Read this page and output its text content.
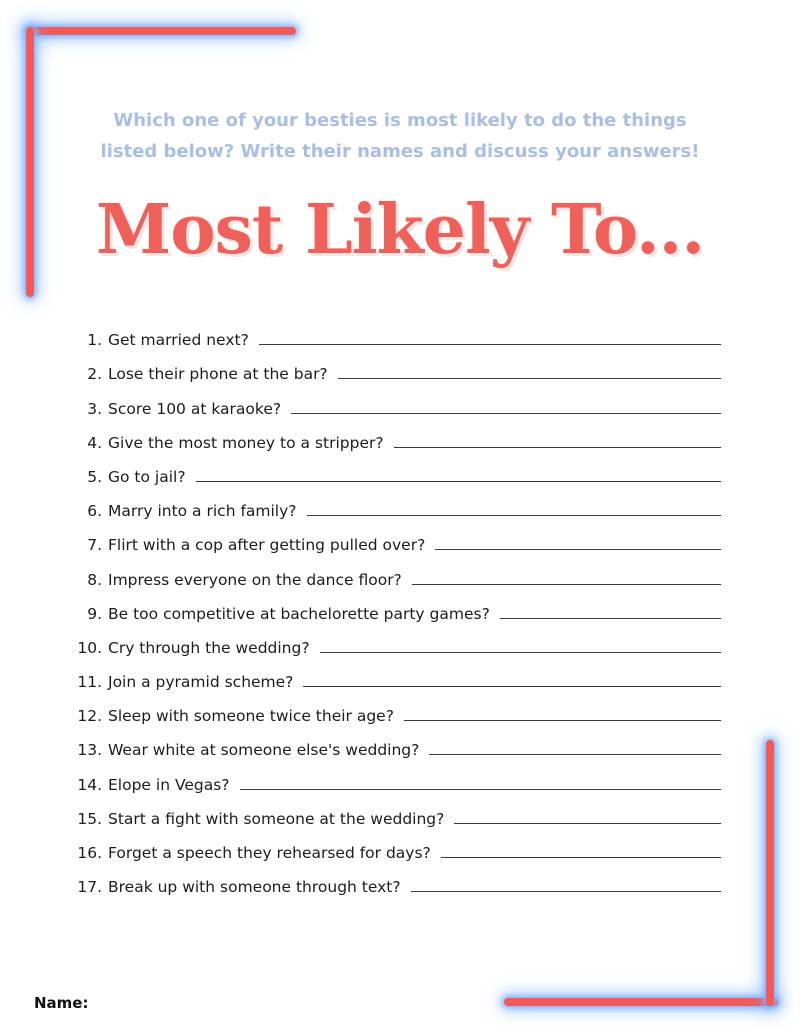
Which one of your besties is most likely to do the things
listed below? Write their names and discuss your answers!
Most Likely To...
1. Get married next?
2. Lose their phone at the bar?
3. Score 100 at karaoke?
4. Give the most money to a stripper?
5. Go to jail?
6. Marry into a rich family?
7. Flirt with a cop after getting pulled over?
8. Impress everyone on the dance floor?
9. Be too competitive at bachelorette party games?
10. Cry through the wedding?
11. Join a pyramid scheme?
12. Sleep with someone twice their age?
13. Wear white at someone else's wedding?
14. Elope in Vegas?
15. Start a fight with someone at the wedding?
16. Forget a speech they rehearsed for days?
17. Break up with someone through text?
Name:
